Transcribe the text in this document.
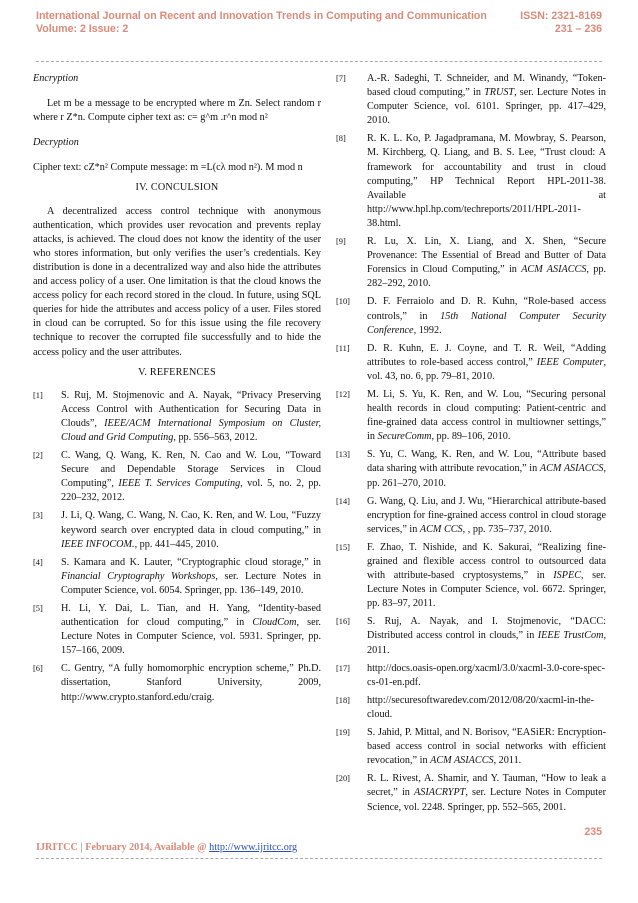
International Journal on Recent and Innovation Trends in Computing and Communication
Volume: 2 Issue: 2
ISSN: 2321-8169
231 – 236
Encryption
Let m be a message to be encrypted where m Zn. Select random r where r Z*n. Compute cipher text as: c= g^m .r^n mod n²
Decryption
Cipher text: cZ*n² Compute message: m =L(cλ mod n²). M mod n
IV. CONCULSION
A decentralized access control technique with anonymous authentication, which provides user revocation and prevents replay attacks, is achieved. The cloud does not know the identity of the user who stores information, but only verifies the user’s credentials. Key distribution is done in a decentralized way and also hide the attributes and access policy of a user. One limitation is that the cloud knows the access policy for each record stored in the cloud. In future, using SQL queries for hide the attributes and access policy of a user. Files stored in cloud can be corrupted. So for this issue using the file recovery technique to recover the corrupted file successfully and to hide the access policy and the user attributes.
V. REFERENCES
[1] S. Ruj, M. Stojmenovic and A. Nayak, “Privacy Preserving Access Control with Authentication for Securing Data in Clouds”, IEEE/ACM International Symposium on Cluster, Cloud and Grid Computing, pp. 556–563, 2012.
[2] C. Wang, Q. Wang, K. Ren, N. Cao and W. Lou, “Toward Secure and Dependable Storage Services in Cloud Computing”, IEEE T. Services Computing, vol. 5, no. 2, pp. 220–232, 2012.
[3] J. Li, Q. Wang, C. Wang, N. Cao, K. Ren, and W. Lou, “Fuzzy keyword search over encrypted data in cloud computing,” in IEEE INFOCOM., pp. 441–445, 2010.
[4] S. Kamara and K. Lauter, “Cryptographic cloud storage,” in Financial Cryptography Workshops, ser. Lecture Notes in Computer Science, vol. 6054. Springer, pp. 136–149, 2010.
[5] H. Li, Y. Dai, L. Tian, and H. Yang, “Identity-based authentication for cloud computing,” in CloudCom, ser. Lecture Notes in Computer Science, vol. 5931. Springer, pp. 157–166, 2009.
[6] C. Gentry, “A fully homomorphic encryption scheme,” Ph.D. dissertation, Stanford University, 2009, http://www.crypto.stanford.edu/craig.
[7] A.-R. Sadeghi, T. Schneider, and M. Winandy, “Token-based cloud computing,” in TRUST, ser. Lecture Notes in Computer Science, vol. 6101. Springer, pp. 417–429, 2010.
[8] R. K. L. Ko, P. Jagadpramana, M. Mowbray, S. Pearson, M. Kirchberg, Q. Liang, and B. S. Lee, “Trust cloud: A framework for accountability and trust in cloud computing,” HP Technical Report HPL-2011-38. Available at http://www.hpl.hp.com/techreports/2011/HPL-2011-38.html.
[9] R. Lu, X. Lin, X. Liang, and X. Shen, “Secure Provenance: The Essential of Bread and Butter of Data Forensics in Cloud Computing,” in ACM ASIACCS, pp. 282–292, 2010.
[10] D. F. Ferraiolo and D. R. Kuhn, “Role-based access controls,” in 15th National Computer Security Conference, 1992.
[11] D. R. Kuhn, E. J. Coyne, and T. R. Weil, “Adding attributes to role-based access control,” IEEE Computer, vol. 43, no. 6, pp. 79–81, 2010.
[12] M. Li, S. Yu, K. Ren, and W. Lou, “Securing personal health records in cloud computing: Patient-centric and fine-grained data access control in multiowner settings,” in SecureComm, pp. 89–106, 2010.
[13] S. Yu, C. Wang, K. Ren, and W. Lou, “Attribute based data sharing with attribute revocation,” in ACM ASIACCS, pp. 261–270, 2010.
[14] G. Wang, Q. Liu, and J. Wu, “Hierarchical attribute-based encryption for fine-grained access control in cloud storage services,” in ACM CCS, , pp. 735–737, 2010.
[15] F. Zhao, T. Nishide, and K. Sakurai, “Realizing fine-grained and flexible access control to outsourced data with attribute-based cryptosystems,” in ISPEC, ser. Lecture Notes in Computer Science, vol. 6672. Springer, pp. 83–97, 2011.
[16] S. Ruj, A. Nayak, and I. Stojmenovic, “DACC: Distributed access control in clouds,” in IEEE TrustCom, 2011.
[17] http://docs.oasis-open.org/xacml/3.0/xacml-3.0-core-spec-cs-01-en.pdf.
[18] http://securesoftwaredev.com/2012/08/20/xacml-in-the-cloud.
[19] S. Jahid, P. Mittal, and N. Borisov, “EASiER: Encryption-based access control in social networks with efficient revocation,” in ACM ASIACCS, 2011.
[20] R. L. Rivest, A. Shamir, and Y. Tauman, “How to leak a secret,” in ASIACRYPT, ser. Lecture Notes in Computer Science, vol. 2248. Springer, pp. 552–565, 2001.
235
IJRITCC | February 2014, Available @ http://www.ijritcc.org
